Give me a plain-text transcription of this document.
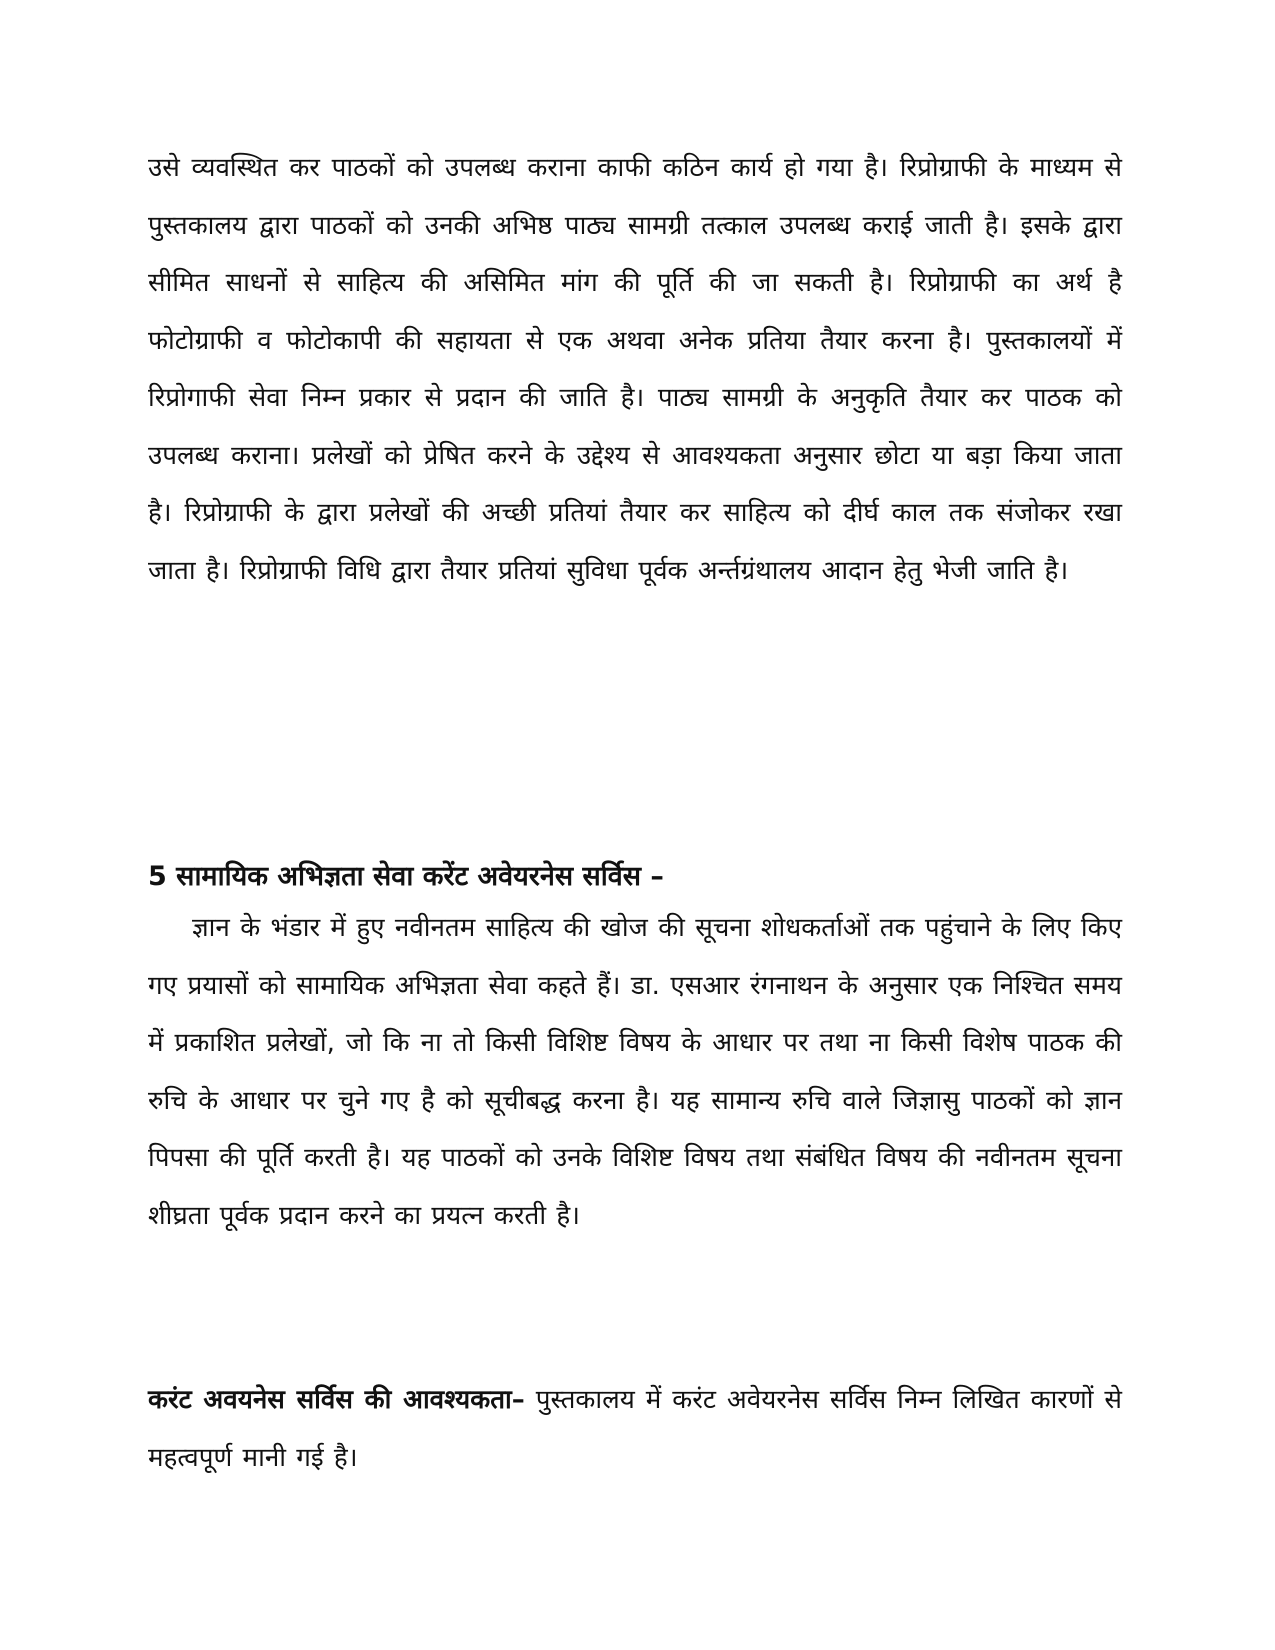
उसे व्यवस्थित कर पाठकों को उपलब्ध कराना काफी कठिन कार्य हो गया है। रिप्रोग्राफी के माध्यम से पुस्तकालय द्वारा पाठकों को उनकी अभिष्ठ पाठ्य सामग्री तत्काल उपलब्ध कराई जाती है। इसके द्वारा सीमित साधनों से साहित्य की असिमित मांग की पूर्ति की जा सकती है। रिप्रोग्राफी का अर्थ है फोटोग्राफी व फोटोकापी की सहायता से एक अथवा अनेक प्रतिया तैयार करना है। पुस्तकालयों में रिप्रोगाफी सेवा निम्न प्रकार से प्रदान की जाति है। पाठ्य सामग्री के अनुकृति तैयार कर पाठक को उपलब्ध कराना। प्रलेखों को प्रेषित करने के उद्देश्य से आवश्यकता अनुसार छोटा या बड़ा किया जाता है। रिप्रोग्राफी के द्वारा प्रलेखों की अच्छी प्रतियां तैयार कर साहित्य को दीर्घ काल तक संजोकर रखा जाता है। रिप्रोग्राफी विधि द्वारा तैयार प्रतियां सुविधा पूर्वक अर्न्तग्रंथालय आदान हेतु भेजी जाति है।

5 सामायिक अभिज्ञता सेवा करेंट अवेयरनेस सर्विस –

ज्ञान के भंडार में हुए नवीनतम साहित्य की खोज की सूचना शोधकर्ताओं तक पहुंचाने के लिए किए गए प्रयासों को सामायिक अभिज्ञता सेवा कहते हैं। डा. एसआर रंगनाथन के अनुसार एक निश्चित समय में प्रकाशित प्रलेखों, जो कि ना तो किसी विशिष्ट विषय के आधार पर तथा ना किसी विशेष पाठक की रुचि के आधार पर चुने गए है को सूचीबद्ध करना है। यह सामान्य रुचि वाले जिज्ञासु पाठकों को ज्ञान पिपसा की पूर्ति करती है। यह पाठकों को उनके विशिष्ट विषय तथा संबंधित विषय की नवीनतम सूचना शीघ्रता पूर्वक प्रदान करने का प्रयत्न करती है।

करंट अवयनेस सर्विस की आवश्यकता– पुस्तकालय में करंट अवेयरनेस सर्विस निम्न लिखित कारणों से महत्वपूर्ण मानी गई है।
